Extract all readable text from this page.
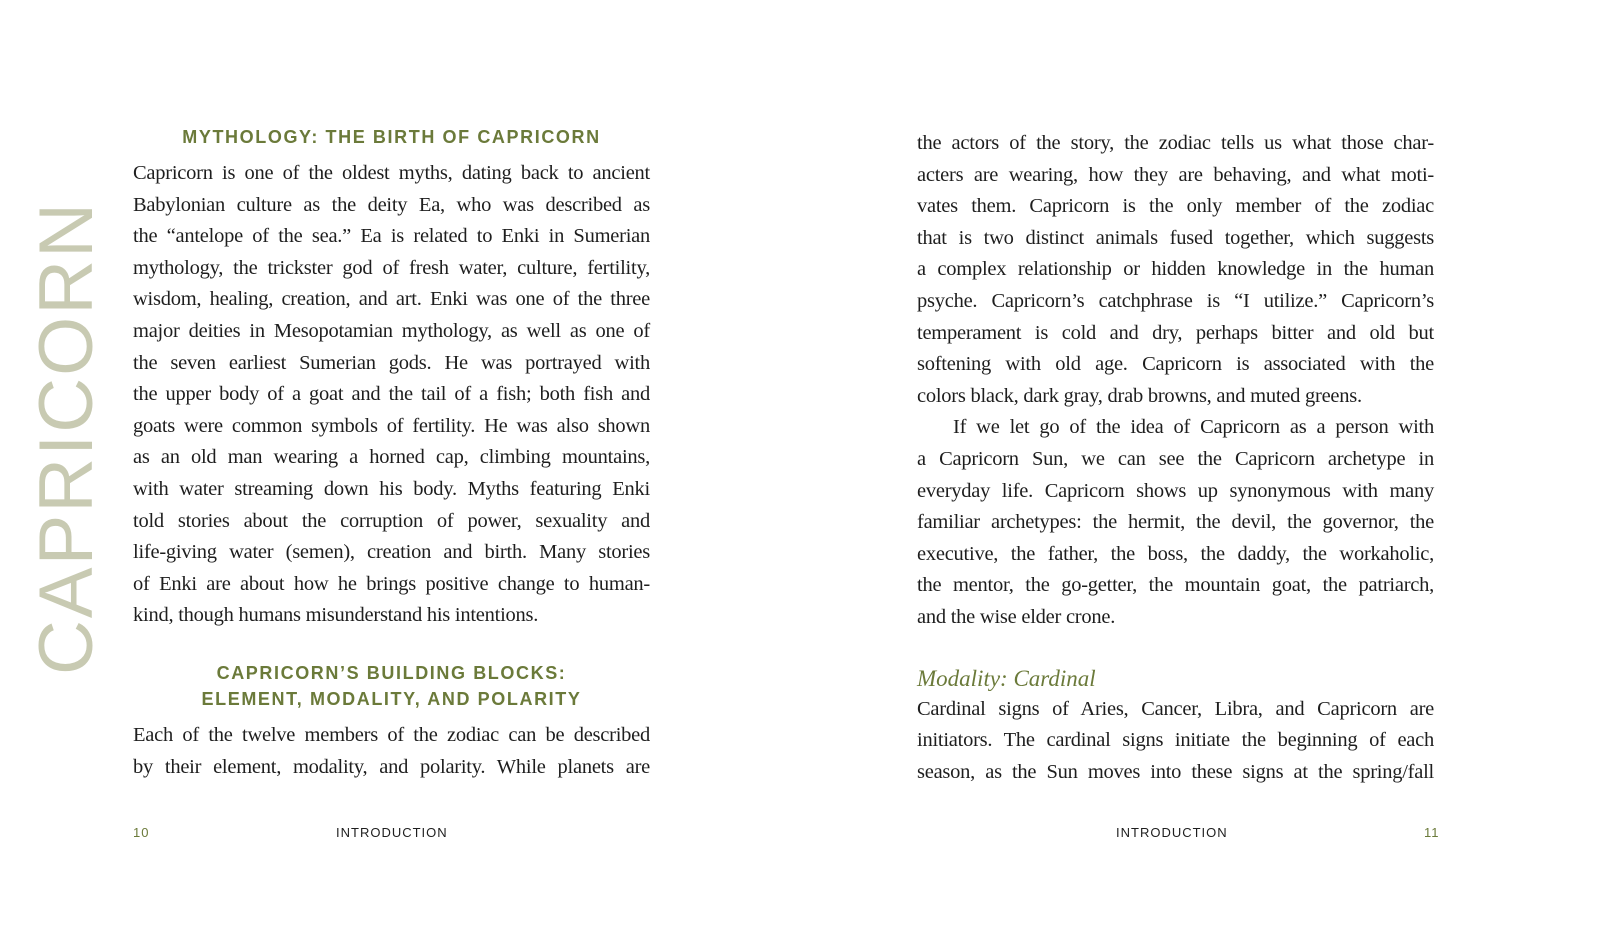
CAPRICORN
MYTHOLOGY: THE BIRTH OF CAPRICORN
Capricorn is one of the oldest myths, dating back to ancient
Babylonian culture as the deity Ea, who was described as
the “antelope of the sea.” Ea is related to Enki in Sumerian
mythology, the trickster god of fresh water, culture, fertility,
wisdom, healing, creation, and art. Enki was one of the three
major deities in Mesopotamian mythology, as well as one of
the seven earliest Sumerian gods. He was portrayed with
the upper body of a goat and the tail of a fish; both fish and
goats were common symbols of fertility. He was also shown
as an old man wearing a horned cap, climbing mountains,
with water streaming down his body. Myths featuring Enki
told stories about the corruption of power, sexuality and
life-giving water (semen), creation and birth. Many stories
of Enki are about how he brings positive change to human-
kind, though humans misunderstand his intentions.
CAPRICORN’S BUILDING BLOCKS:
ELEMENT, MODALITY, AND POLARITY
Each of the twelve members of the zodiac can be described
by their element, modality, and polarity. While planets are
10	INTRODUCTION
the actors of the story, the zodiac tells us what those char-
acters are wearing, how they are behaving, and what moti-
vates them. Capricorn is the only member of the zodiac
that is two distinct animals fused together, which suggests
a complex relationship or hidden knowledge in the human
psyche. Capricorn’s catchphrase is “I utilize.” Capricorn’s
temperament is cold and dry, perhaps bitter and old but
softening with old age. Capricorn is associated with the
colors black, dark gray, drab browns, and muted greens.
If we let go of the idea of Capricorn as a person with
a Capricorn Sun, we can see the Capricorn archetype in
everyday life. Capricorn shows up synonymous with many
familiar archetypes: the hermit, the devil, the governor, the
executive, the father, the boss, the daddy, the workaholic,
the mentor, the go-getter, the mountain goat, the patriarch,
and the wise elder crone.
Modality: Cardinal
Cardinal signs of Aries, Cancer, Libra, and Capricorn are
initiators. The cardinal signs initiate the beginning of each
season, as the Sun moves into these signs at the spring/fall
INTRODUCTION	11
